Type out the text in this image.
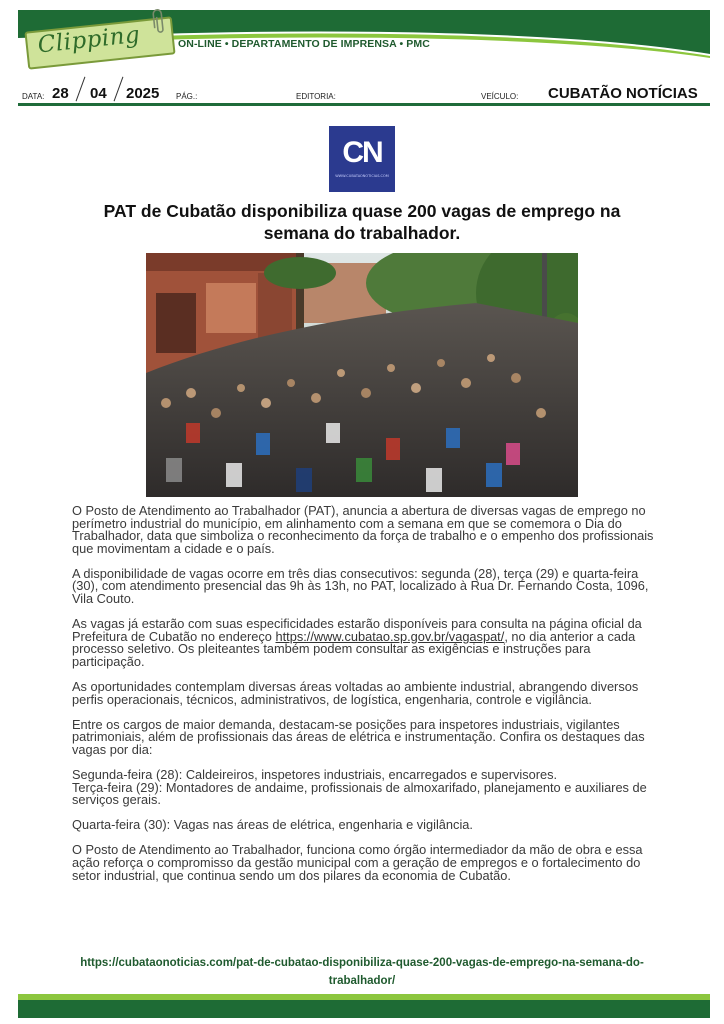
Clipping	ON-LINE • DEPARTAMENTO DE IMPRENSA • PMC
DATA: 28 04 2025 PÁG.:	EDITORIA:	VEÍCULO: CUBATÃO NOTÍCIAS
CN
WWW.CUBATAONOTICIAS.COM
PAT de Cubatão disponibiliza quase 200 vagas de emprego na semana do trabalhador.

O Posto de Atendimento ao Trabalhador (PAT), anuncia a abertura de diversas vagas de emprego no perímetro industrial do município, em alinhamento com a semana em que se comemora o Dia do Trabalhador, data que simboliza o reconhecimento da força de trabalho e o empenho dos profissionais que movimentam a cidade e o país.

A disponibilidade de vagas ocorre em três dias consecutivos: segunda (28), terça (29) e quarta-feira (30), com atendimento presencial das 9h às 13h, no PAT, localizado à Rua Dr. Fernando Costa, 1096, Vila Couto.

As vagas já estarão com suas especificidades estarão disponíveis para consulta na página oficial da Prefeitura de Cubatão no endereço https://www.cubatao.sp.gov.br/vagaspat/, no dia anterior a cada processo seletivo. Os pleiteantes também podem consultar as exigências e instruções para participação.

As oportunidades contemplam diversas áreas voltadas ao ambiente industrial, abrangendo diversos perfis operacionais, técnicos, administrativos, de logística, engenharia, controle e vigilância.

Entre os cargos de maior demanda, destacam-se posições para inspetores industriais, vigilantes patrimoniais, além de profissionais das áreas de elétrica e instrumentação. Confira os destaques das vagas por dia:

Segunda-feira (28): Caldeireiros, inspetores industriais, encarregados e supervisores.
Terça-feira (29): Montadores de andaime, profissionais de almoxarifado, planejamento e auxiliares de serviços gerais.

Quarta-feira (30): Vagas nas áreas de elétrica, engenharia e vigilância.

O Posto de Atendimento ao Trabalhador, funciona como órgão intermediador da mão de obra e essa ação reforça o compromisso da gestão municipal com a geração de empregos e o fortalecimento do setor industrial, que continua sendo um dos pilares da economia de Cubatão.

https://cubataonoticias.com/pat-de-cubatao-disponibiliza-quase-200-vagas-de-emprego-na-semana-do-trabalhador/
